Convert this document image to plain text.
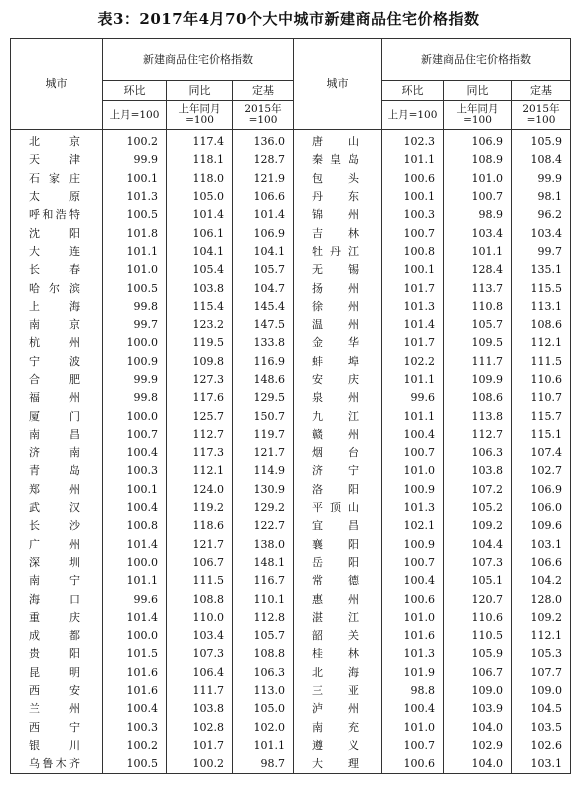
表3：2017年4月70个大中城市新建商品住宅价格指数
城市	新建商品住宅价格指数			城市	新建商品住宅价格指数		
	环比	同比	定基		环比	同比	定基
	上月=100	上年同月=100	2015年=100		上月=100	上年同月=100	2015年=100
北京	100.2	117.4	136.0	唐山	102.3	106.9	105.9
天津	99.9	118.1	128.7	秦皇岛	101.1	108.9	108.4
石家庄	100.1	118.0	121.9	包头	100.6	101.0	99.9
太原	101.3	105.0	106.6	丹东	100.1	100.7	98.1
呼和浩特	100.5	101.4	101.4	锦州	100.3	98.9	96.2
沈阳	101.8	106.1	106.9	吉林	100.7	103.4	103.4
大连	101.1	104.1	104.1	牡丹江	100.8	101.1	99.7
长春	101.0	105.4	105.7	无锡	100.1	128.4	135.1
哈尔滨	100.5	103.8	104.7	扬州	101.7	113.7	115.5
上海	99.8	115.4	145.4	徐州	101.3	110.8	113.1
南京	99.7	123.2	147.5	温州	101.4	105.7	108.6
杭州	100.0	119.5	133.8	金华	101.7	109.5	112.1
宁波	100.9	109.8	116.9	蚌埠	102.2	111.7	111.5
合肥	99.9	127.3	148.6	安庆	101.1	109.9	110.6
福州	99.8	117.6	129.5	泉州	99.6	108.6	110.7
厦门	100.0	125.7	150.7	九江	101.1	113.8	115.7
南昌	100.7	112.7	119.7	赣州	100.4	112.7	115.1
济南	100.4	117.3	121.7	烟台	100.7	106.3	107.4
青岛	100.3	112.1	114.9	济宁	101.0	103.8	102.7
郑州	100.1	124.0	130.9	洛阳	100.9	107.2	106.9
武汉	100.4	119.2	129.2	平顶山	101.3	105.2	106.0
长沙	100.8	118.6	122.7	宜昌	102.1	109.2	109.6
广州	101.4	121.7	138.0	襄阳	100.9	104.4	103.1
深圳	100.0	106.7	148.1	岳阳	100.7	107.3	106.6
南宁	101.1	111.5	116.7	常德	100.4	105.1	104.2
海口	99.6	108.8	110.1	惠州	100.6	120.7	128.0
重庆	101.4	110.0	112.8	湛江	101.0	110.6	109.2
成都	100.0	103.4	105.7	韶关	101.6	110.5	112.1
贵阳	101.5	107.3	108.8	桂林	101.3	105.9	105.3
昆明	101.6	106.4	106.3	北海	101.9	106.7	107.7
西安	101.6	111.7	113.0	三亚	98.8	109.0	109.0
兰州	100.4	103.8	105.0	泸州	100.4	103.9	104.5
西宁	100.3	102.8	102.0	南充	101.0	104.0	103.5
银川	100.2	101.7	101.1	遵义	100.7	102.9	102.6
乌鲁木齐	100.5	100.2	98.7	大理	100.6	104.0	103.1
